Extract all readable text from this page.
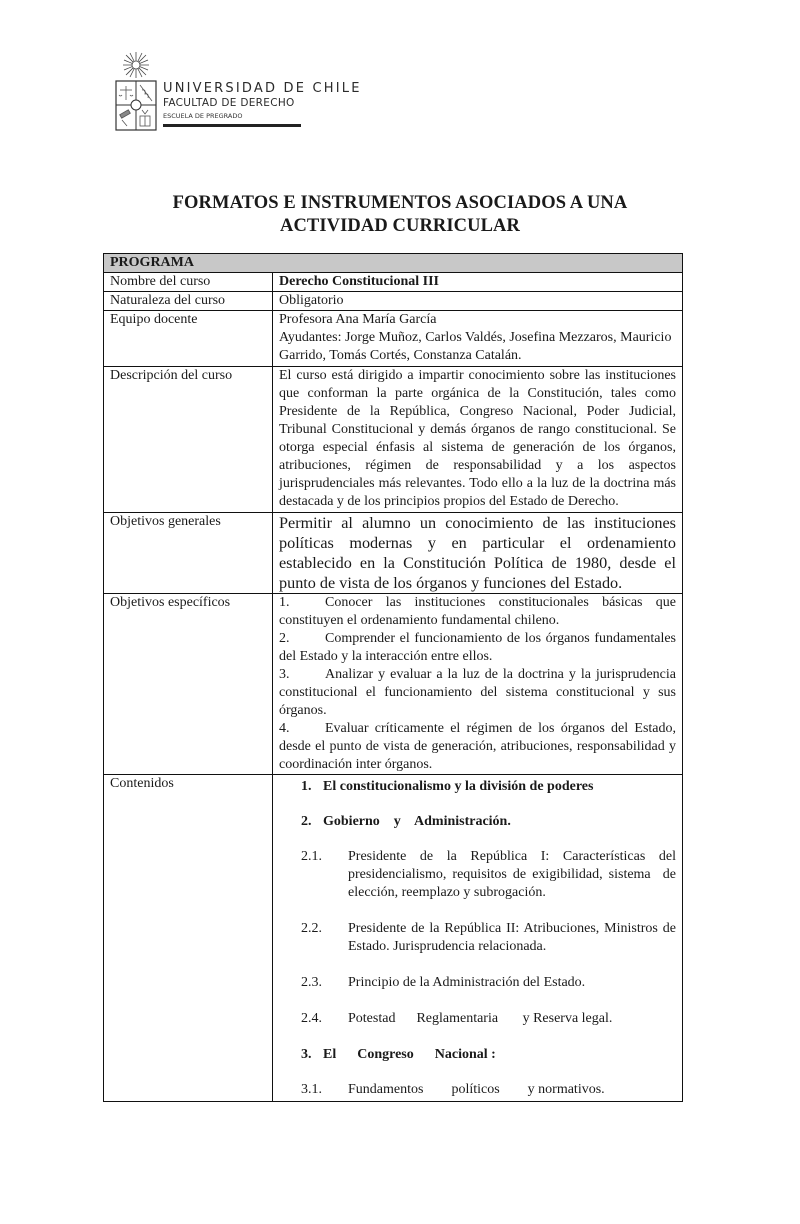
UNIVERSIDAD DE CHILE
FACULTAD DE DERECHO
ESCUELA DE PREGRADO
FORMATOS E INSTRUMENTOS ASOCIADOS A UNA
ACTIVIDAD CURRICULAR
PROGRAMA	
Nombre del curso	Derecho Constitucional III
Naturaleza del curso	Obligatorio
Equipo docente	Profesora Ana María García
Ayudantes: Jorge Muñoz, Carlos Valdés, Josefina Mezzaros, Mauricio Garrido, Tomás Cortés, Constanza Catalán.

Descripción del curso	El curso está dirigido a impartir conocimiento sobre las instituciones que conforman la parte orgánica de la Constitución, tales como Presidente de la República, Congreso Nacional, Poder Judicial, Tribunal Constitucional y demás órganos de rango constitucional. Se otorga especial énfasis al sistema de generación de los órganos, atribuciones, régimen de responsabilidad y a los aspectos jurisprudenciales más relevantes. Todo ello a la luz de la doctrina más destacada y de los principios propios del Estado de Derecho.
Objetivos generales	Permitir al alumno un conocimiento de las instituciones políticas modernas y en particular el ordenamiento establecido en la Constitución Política de 1980, desde el punto de vista de los órganos y funciones del Estado.
Objetivos específicos	1. Conocer las instituciones constitucionales básicas que constituyen el ordenamiento fundamental chileno.
2. Comprender el funcionamiento de los órganos fundamentales del Estado y la interacción entre ellos.
3. Analizar y evaluar a la luz de la doctrina y la jurisprudencia constitucional el funcionamiento del sistema constitucional y sus órganos.
4. Evaluar críticamente el régimen de los órganos del Estado, desde el punto de vista de generación, atribuciones, responsabilidad y coordinación inter órganos.

Contenidos	1. El constitucionalismo y la división de poderes
2. Gobierno    y    Administración.
2.1.	Presidente de la República I: Características del presidencialismo, requisitos de exigibilidad, sistema  de elección, reemplazo y subrogación.
2.2.	Presidente de la República II: Atribuciones, Ministros de Estado. Jurisprudencia relacionada.
2.3.	Principio de la Administración del Estado.
2.4.	Potestad      Reglamentaria       y Reserva legal.
3. El      Congreso      Nacional :
3.1.	Fundamentos        políticos        y normativos.
